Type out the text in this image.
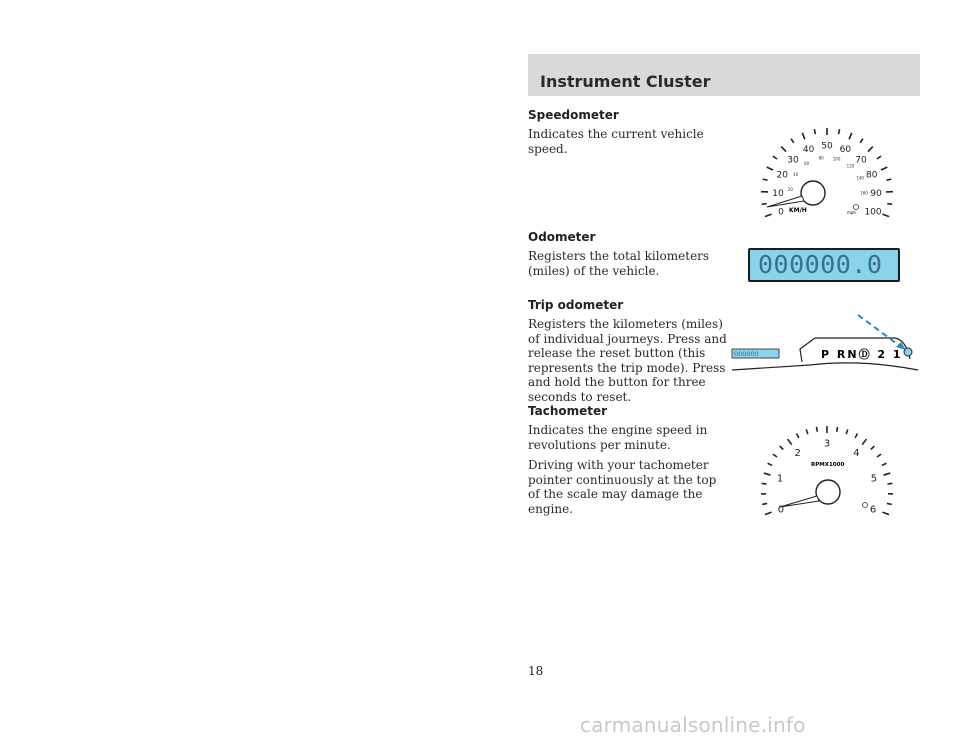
Instrument Cluster
Speedometer
Indicates the current vehicle speed.
Odometer
Registers the total kilometers (miles) of the vehicle.
Trip odometer
Registers the kilometers (miles) of individual journeys. Press and release the reset button (this represents the trip mode). Press and hold the button for three seconds to reset.
Tachometer
Indicates the engine speed in revolutions per minute.
Driving with your tachometer pointer continuously at the top of the scale may damage the engine.
0
10
20
30
40 50 60
70
80
90
100
20
40
60
80 100
120
140
160
KM/H	mph
000000.0
000000	P RNⒹ 2 1
0
1
2
3
4
5
6
RPMX1000
18
carmanualsonline.info
